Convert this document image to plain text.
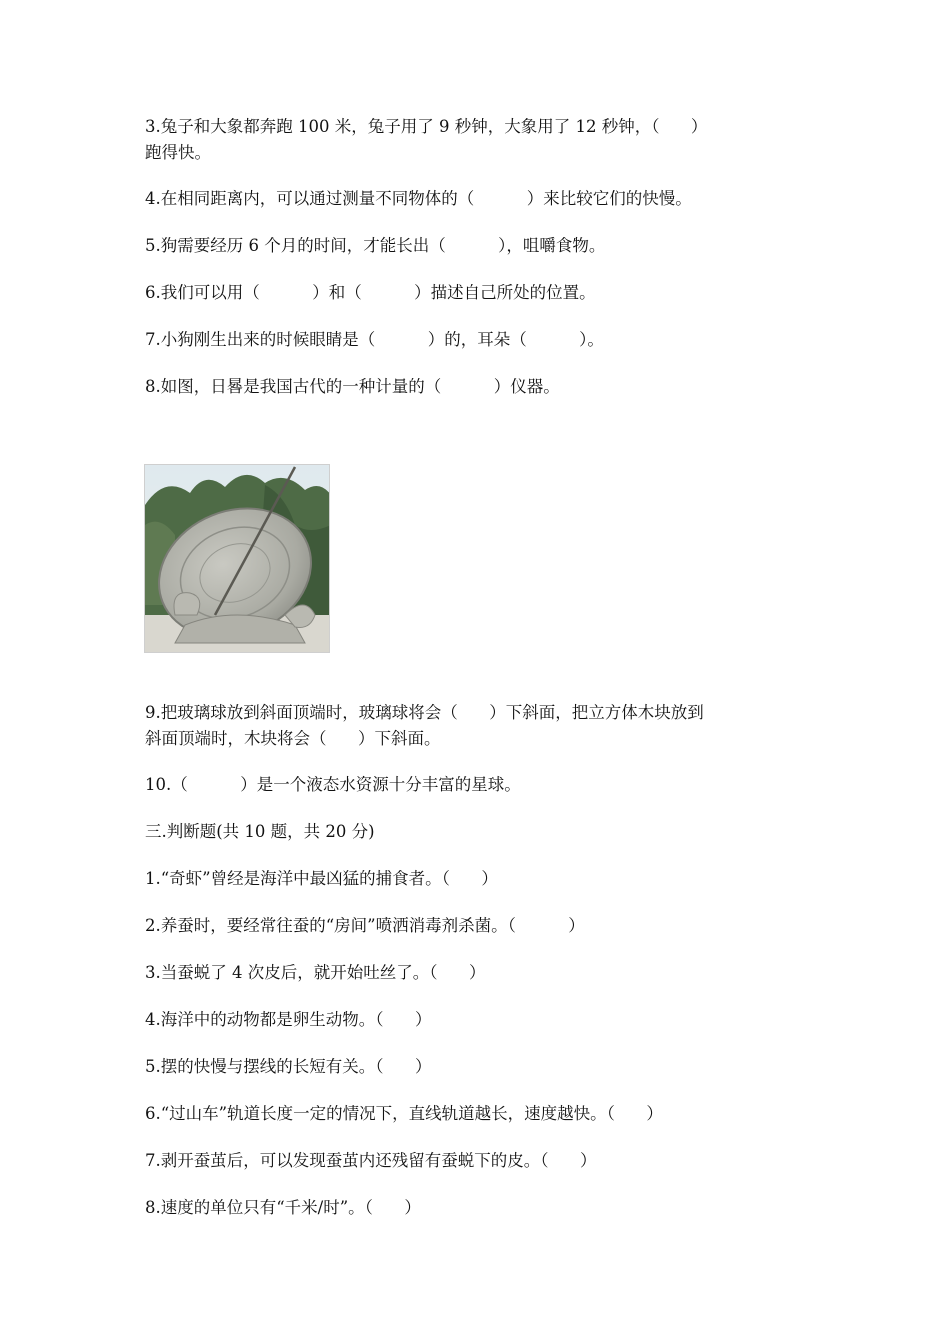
3.兔子和大象都奔跑 100 米，兔子用了 9 秒钟，大象用了 12 秒钟，（      ）
跑得快。
4.在相同距离内，可以通过测量不同物体的（          ）来比较它们的快慢。
5.狗需要经历 6 个月的时间，才能长出（          ），咀嚼食物。
6.我们可以用（          ）和（          ）描述自己所处的位置。
7.小狗刚生出来的时候眼睛是（          ）的，耳朵（          ）。
8.如图，日晷是我国古代的一种计量的（          ）仪器。
9.把玻璃球放到斜面顶端时，玻璃球将会（      ）下斜面，把立方体木块放到
斜面顶端时，木块将会（      ）下斜面。
10.（          ）是一个液态水资源十分丰富的星球。
三.判断题(共 10 题，共 20 分)
1.“奇虾”曾经是海洋中最凶猛的捕食者。（      ）
2.养蚕时，要经常往蚕的“房间”喷洒消毒剂杀菌。（          ）
3.当蚕蜕了 4 次皮后，就开始吐丝了。（      ）
4.海洋中的动物都是卵生动物。（      ）
5.摆的快慢与摆线的长短有关。（      ）
6.“过山车”轨道长度一定的情况下，直线轨道越长，速度越快。（      ）
7.剥开蚕茧后，可以发现蚕茧内还残留有蚕蜕下的皮。（      ）
8.速度的单位只有“千米/时”。（      ）
